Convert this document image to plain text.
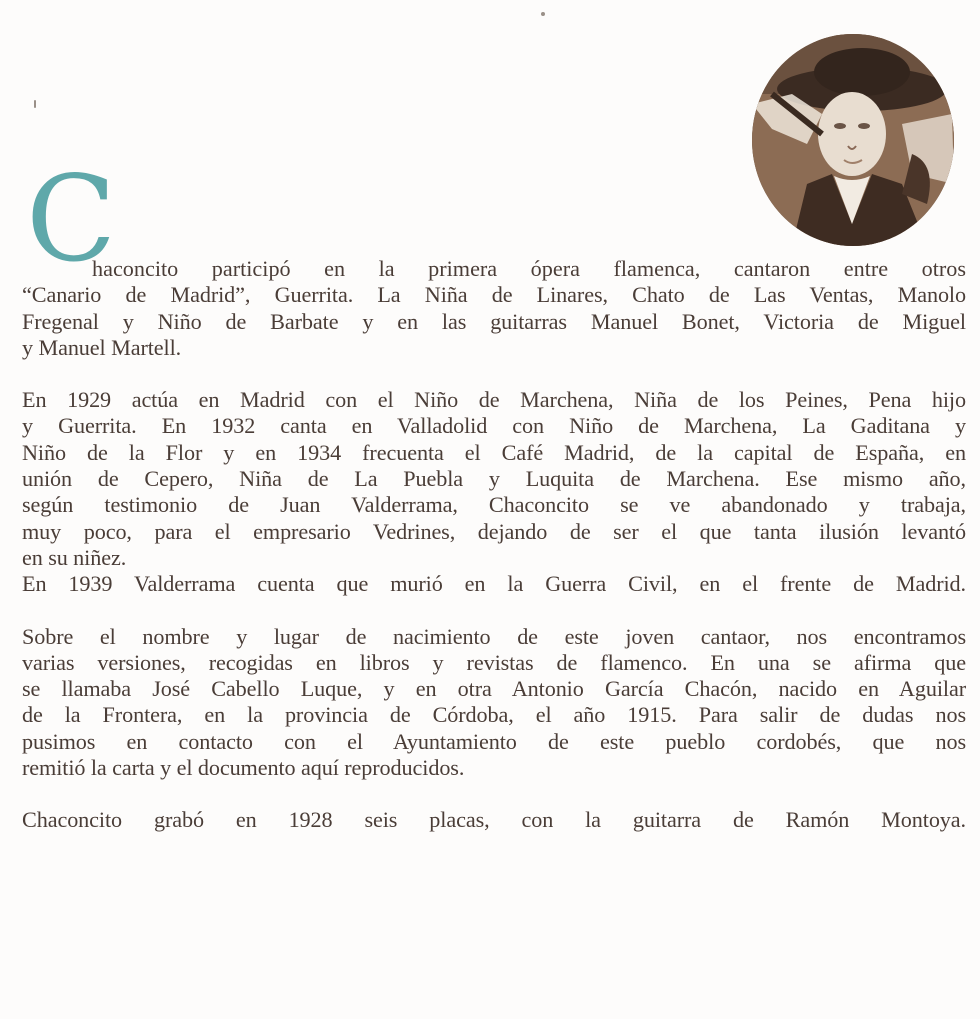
C
haconcito participó en la primera ópera flamenca, cantaron entre otros
“Canario de Madrid”, Guerrita. La Niña de Linares, Chato de Las Ventas, Manolo
Fregenal y Niño de Barbate y en las guitarras Manuel Bonet, Victoria de Miguel
y Manuel Martell.
En 1929 actúa en Madrid con el Niño de Marchena, Niña de los Peines, Pena hijo
y Guerrita. En 1932 canta en Valladolid con Niño de Marchena, La Gaditana y
Niño de la Flor y en 1934 frecuenta el Café Madrid, de la capital de España, en
unión de Cepero, Niña de La Puebla y Luquita de Marchena. Ese mismo año,
según testimonio de Juan Valderrama, Chaconcito se ve abandonado y trabaja,
muy poco, para el empresario Vedrines, dejando de ser el que tanta ilusión levantó
en su niñez.
En 1939 Valderrama cuenta que murió en la Guerra Civil, en el frente de Madrid.
Sobre el nombre y lugar de nacimiento de este joven cantaor, nos encontramos
varias versiones, recogidas en libros y revistas de flamenco. En una se afirma que
se llamaba José Cabello Luque, y en otra Antonio García Chacón, nacido en Aguilar
de la Frontera, en la provincia de Córdoba, el año 1915. Para salir de dudas nos
pusimos en contacto con el Ayuntamiento de este pueblo cordobés, que nos
remitió la carta y el documento aquí reproducidos.
Chaconcito grabó en 1928 seis placas, con la guitarra de Ramón Montoya.
